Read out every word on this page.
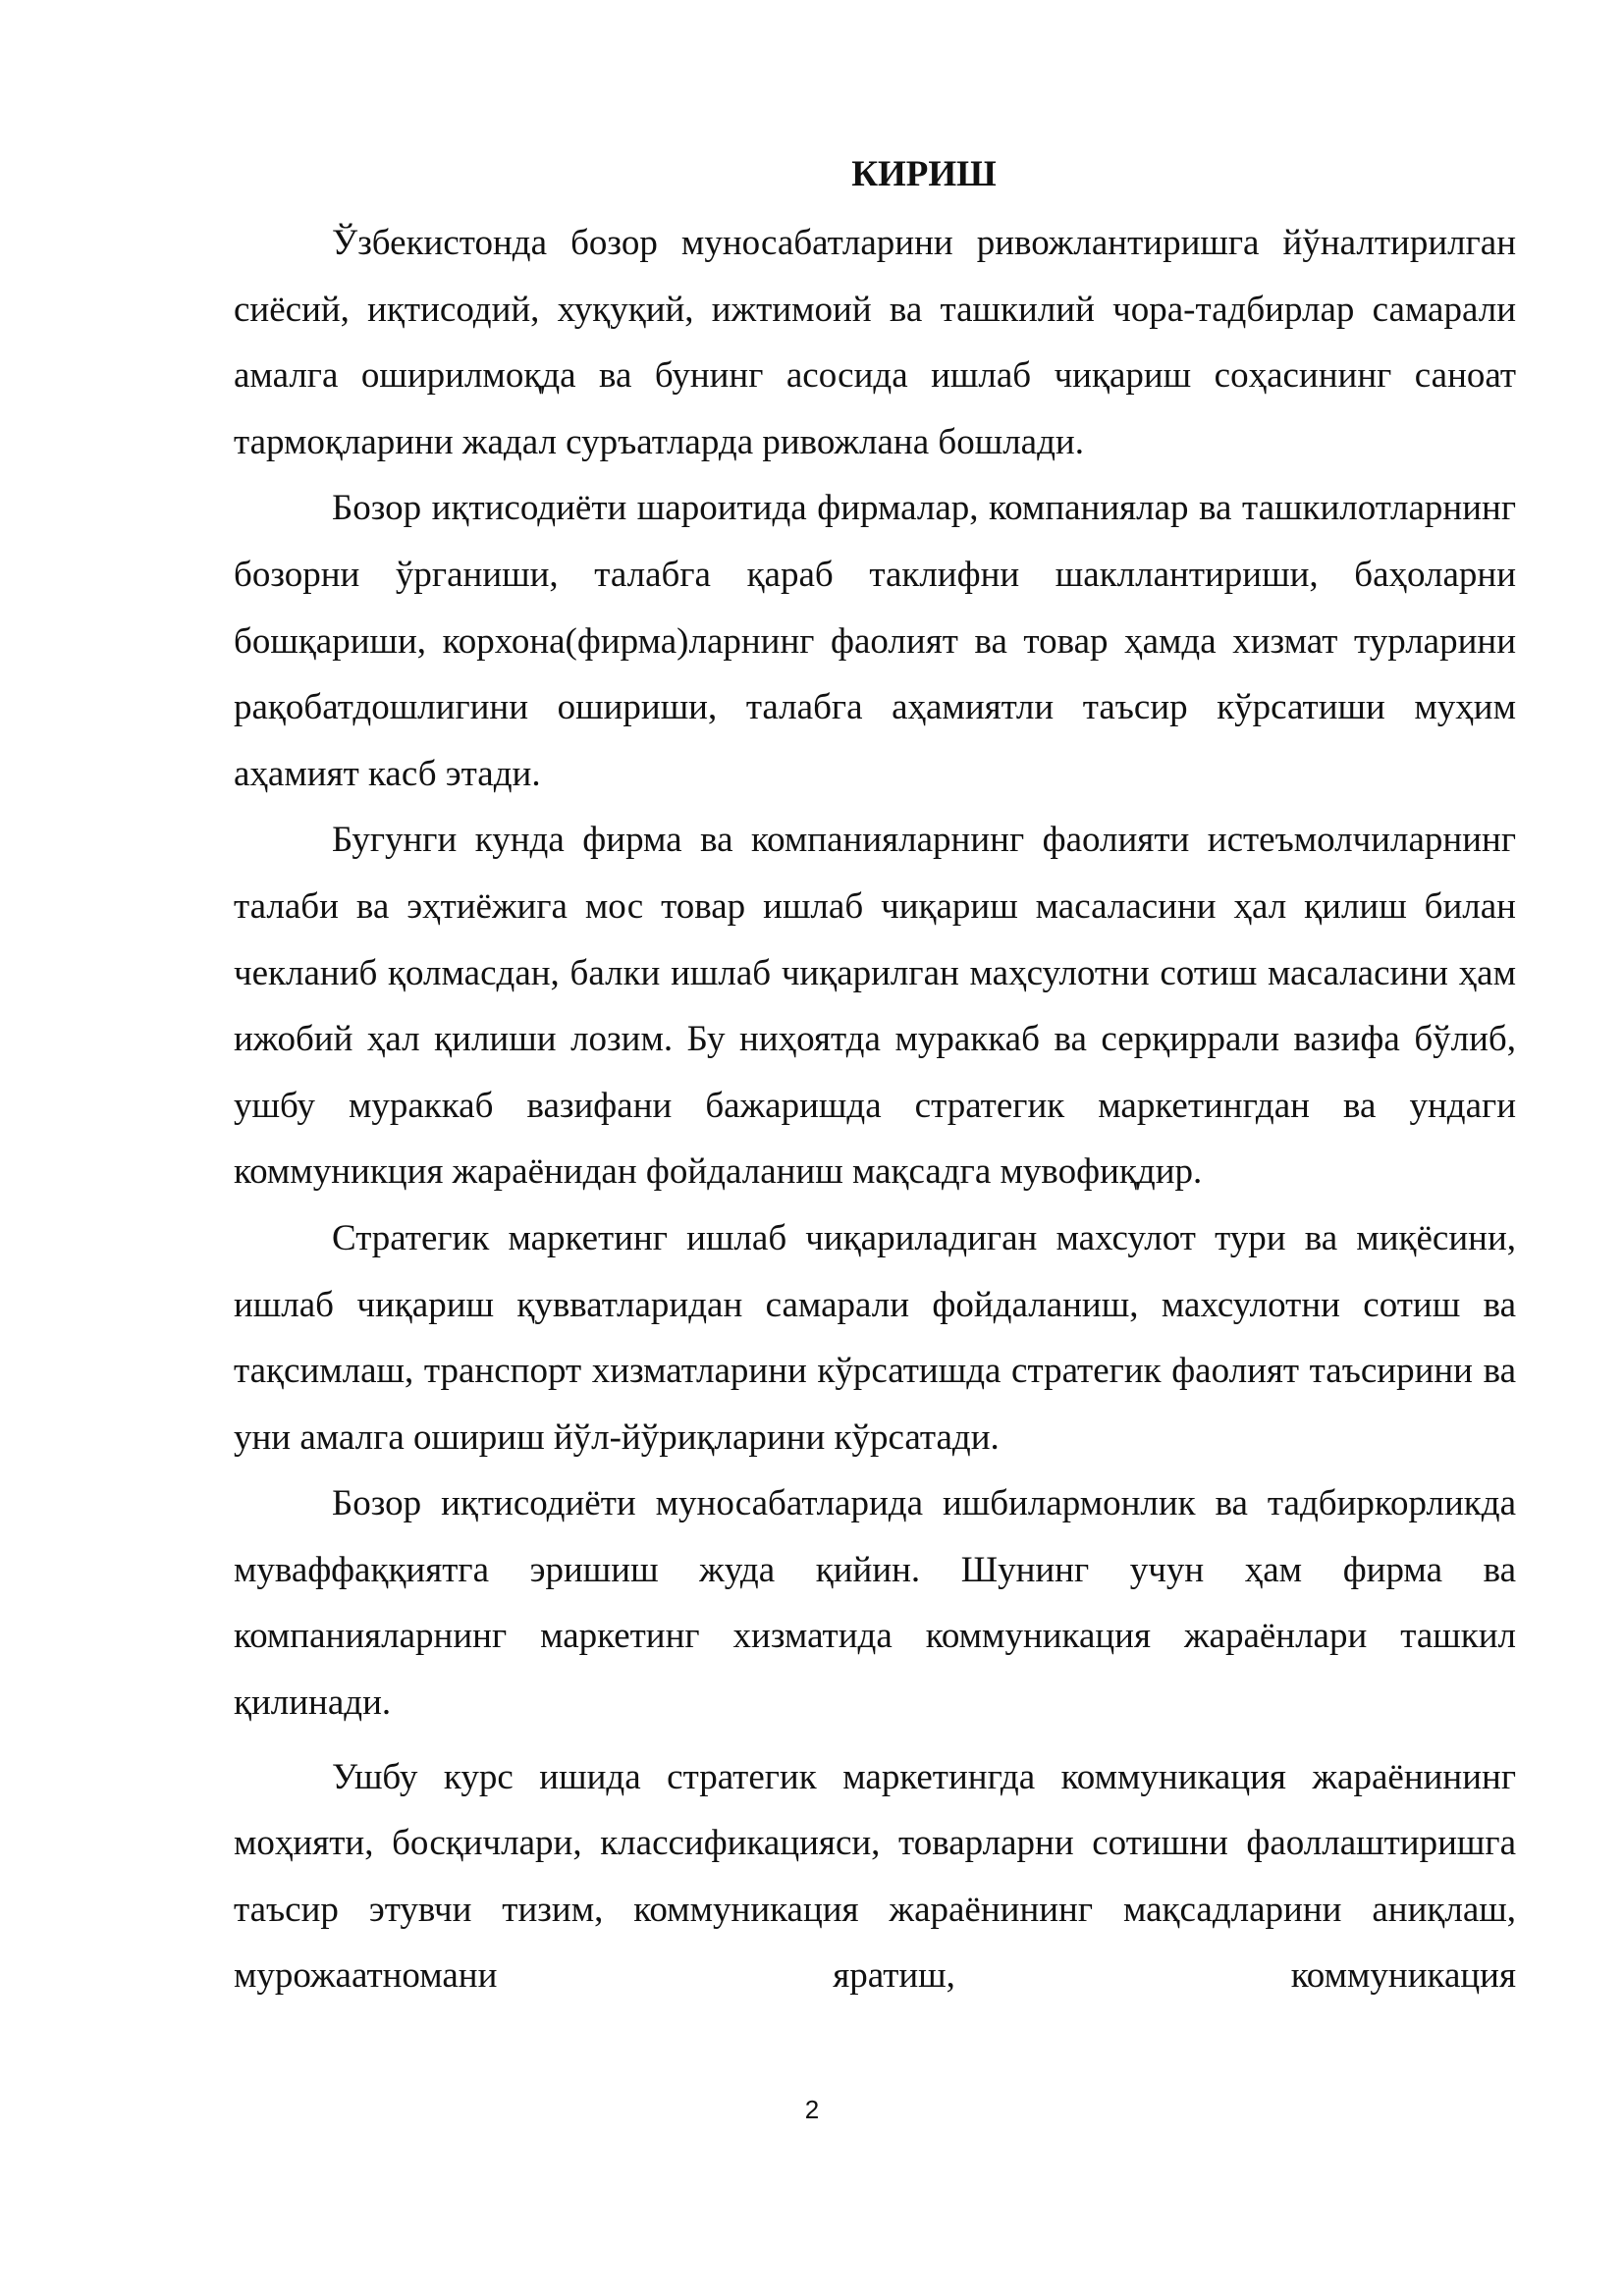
КИРИШ

Ўзбекистонда бозор муносабатларини ривожлантиришга йўналтирилган сиёсий, иқтисодий, хуқуқий, ижтимоий ва ташкилий чора-тадбирлар самарали амалга оширилмоқда ва бунинг асосида ишлаб чиқариш соҳасининг саноат тармоқларини жадал суръатларда ривожлана бошлади.

Бозор иқтисодиёти шароитида фирмалар, компаниялар ва ташкилотларнинг бозорни ўрганиши, талабга қараб таклифни шакллантириши, баҳоларни бошқариши, корхона(фирма)ларнинг фаолият ва товар ҳамда хизмат турларини рақобатдошлигини ошириши, талабга аҳамиятли таъсир кўрсатиши муҳим аҳамият касб этади.

Бугунги кунда фирма ва компанияларнинг фаолияти истеъмолчиларнинг талаби ва эҳтиёжига мос товар ишлаб чиқариш масаласини ҳал қилиш билан чекланиб қолмасдан, балки ишлаб чиқарилган маҳсулотни сотиш масаласини ҳам ижобий ҳал қилиши лозим. Бу ниҳоятда мураккаб ва серқиррали вазифа бўлиб, ушбу мураккаб вазифани бажаришда стратегик маркетингдан ва ундаги коммуникция жараёнидан фойдаланиш мақсадга мувофиқдир.

Стратегик маркетинг ишлаб чиқариладиган махсулот тури ва миқёсини, ишлаб чиқариш қувватларидан самарали фойдаланиш, махсулотни сотиш ва тақсимлаш, транспорт хизматларини кўрсатишда стратегик фаолият таъсирини ва уни амалга ошириш йўл-йўриқларини кўрсатади.

Бозор иқтисодиёти муносабатларида ишбилармонлик ва тадбиркорликда муваффаққиятга эришиш жуда қийин. Шунинг учун ҳам фирма ва компанияларнинг маркетинг хизматида коммуникация жараёнлари ташкил қилинади.

Ушбу курс ишида стратегик маркетингда коммуникация жараёнининг моҳияти, босқичлари, классификацияси, товарларни сотишни фаоллаштиришга таъсир этувчи тизим, коммуникация жараёнининг мақсадларини аниқлаш, мурожаатномани яратиш, коммуникация

2
